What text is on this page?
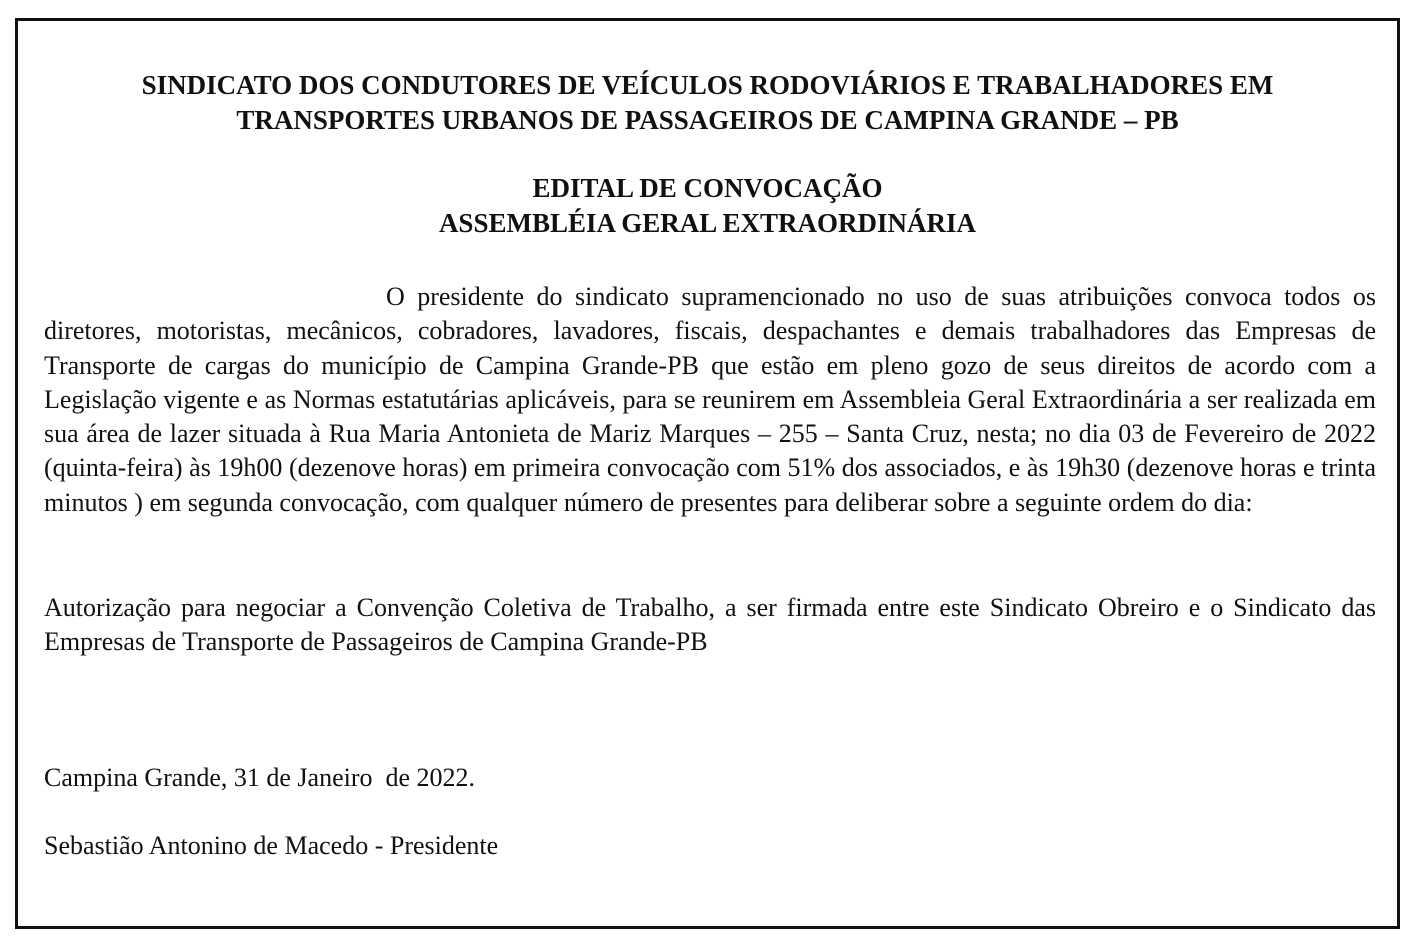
SINDICATO DOS CONDUTORES DE VEÍCULOS RODOVIÁRIOS E TRABALHADORES EM
TRANSPORTES URBANOS DE PASSAGEIROS DE CAMPINA GRANDE – PB
EDITAL DE CONVOCAÇÃO
ASSEMBLÉIA GERAL EXTRAORDINÁRIA

O presidente do sindicato supramencionado no uso de suas atribuições convoca todos os diretores, motoristas, mecânicos, cobradores, lavadores, fiscais, despachantes e demais trabalhadores das Empresas de Transporte de cargas do município de Campina Grande-PB que estão em pleno gozo de seus direitos de acordo com a Legislação vigente e as Normas estatutárias aplicáveis, para se reunirem em Assembleia Geral Extraordinária a ser realizada em sua área de lazer situada à Rua Maria Antonieta de Mariz Marques – 255 – Santa Cruz, nesta; no dia 03 de Fevereiro de 2022 (quinta-feira) às 19h00 (dezenove horas) em primeira convocação com 51% dos associados, e às 19h30 (dezenove horas e trinta minutos ) em segunda convocação, com qualquer número de presentes para deliberar sobre a seguinte ordem do dia:

Autorização para negociar a Convenção Coletiva de Trabalho, a ser firmada entre este Sindicato Obreiro e o Sindicato das Empresas de Transporte de Passageiros de Campina Grande-PB

Campina Grande, 31 de Janeiro  de 2022.
Sebastião Antonino de Macedo - Presidente
